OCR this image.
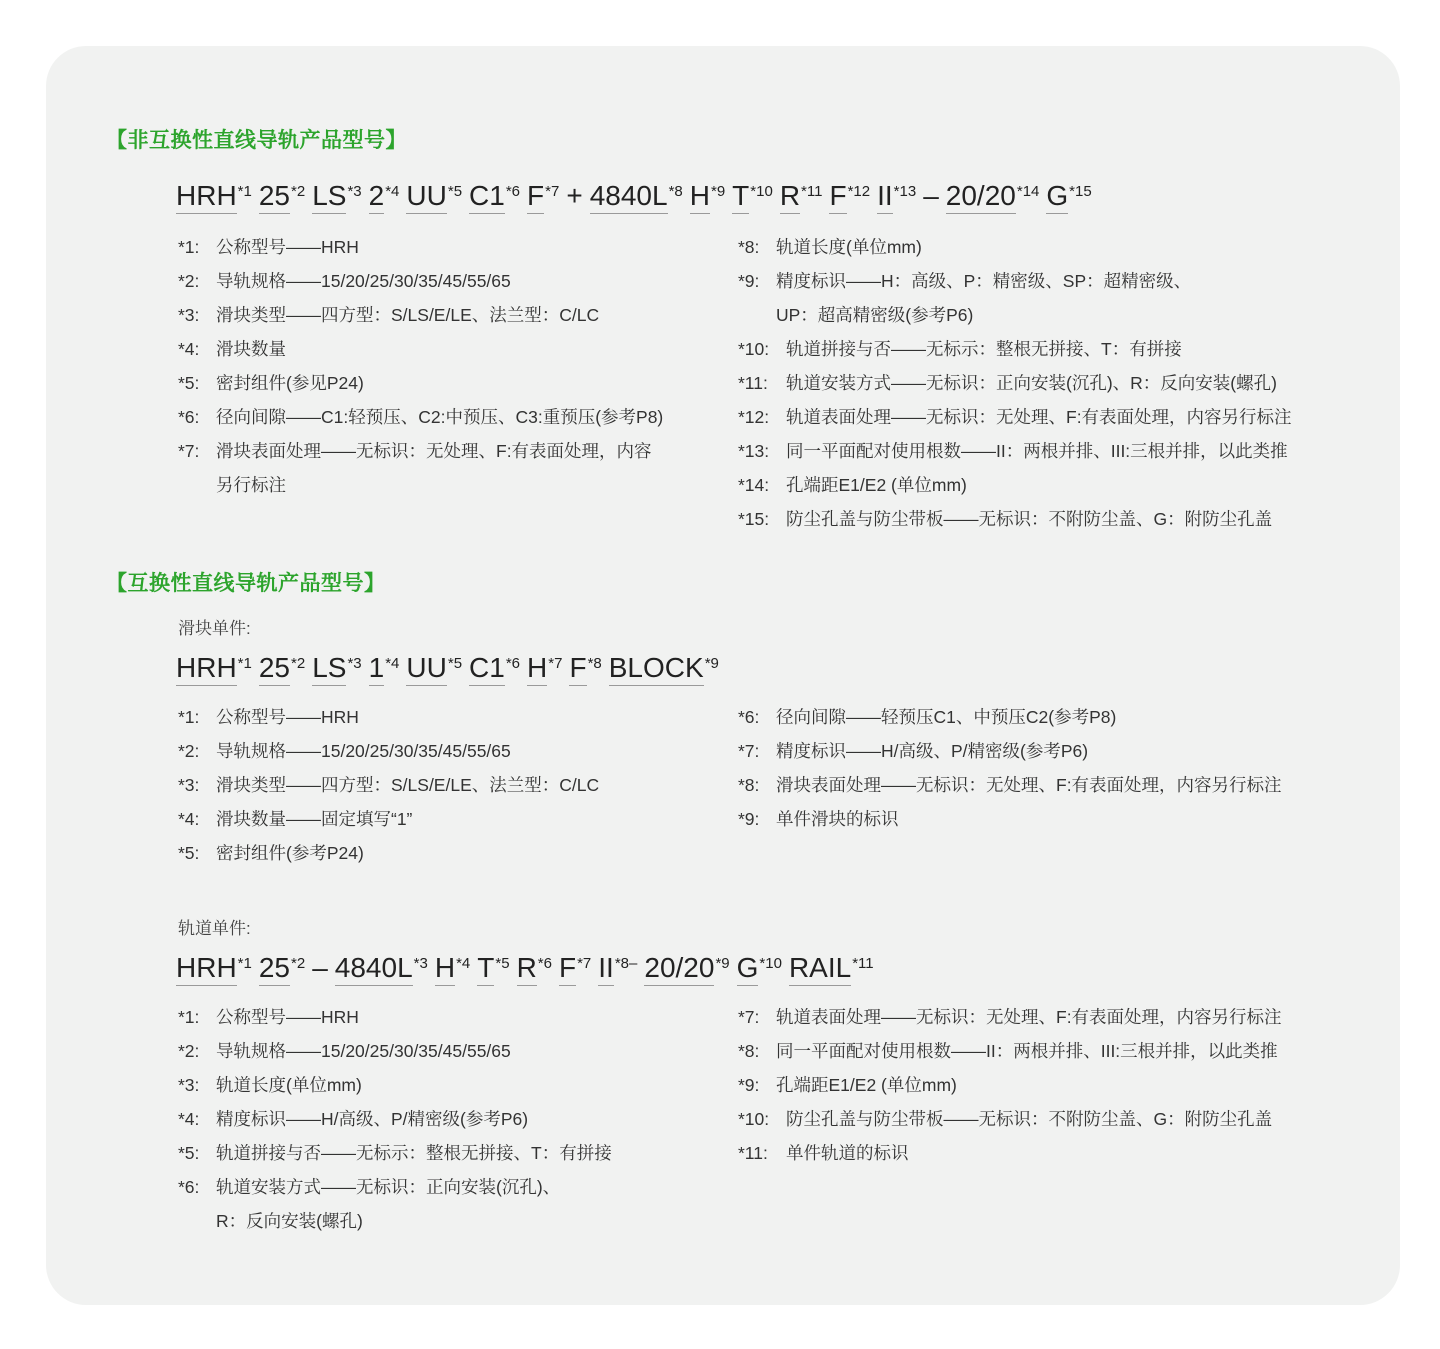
【非互换性直线导轨产品型号】
HRH$^{*1}$ 25$^{*2}$ LS$^{*3}$ 2$^{*4}$ UU$^{*5}$ C1$^{*6}$ $F^{*7} + 4840L^{*8}$ $H^{*9}$ $T^{*10}$ $R^{*11}$ $F^{*12}$ II$^{*13}$ – 20/20$^{*14}$ $G^{*15}$
*1: 公称型号——HRH
*2: 导轨规格——15/20/25/30/35/45/55/65
*3: 滑块类型——四方型：S/LS/E/LE、法兰型：C/LC
*4: 滑块数量
*5: 密封组件(参见P24)
*6: 径向间隙——C1:轻预压、C2:中预压、C3:重预压(参考P8)
*7: 滑块表面处理——无标识：无处理、F:有表面处理，内容
另行标注
*8: 轨道长度(单位mm)
*9: 精度标识——H：高级、P：精密级、SP：超精密级、
UP：超高精密级(参考P6)
*10: 轨道拼接与否——无标示：整根无拼接、T：有拼接
*11:	轨道安装方式——无标识：正向安装(沉孔)、R：反向安装(螺孔)
*12: 轨道表面处理——无标识：无处理、F:有表面处理，内容另行标注
*13: 同一平面配对使用根数——II：两根并排、III:三根并排，以此类推
*14: 孔端距E1/E2 (单位mm)
*15: 防尘孔盖与防尘带板——无标识：不附防尘盖、G：附防尘孔盖
【互换性直线导轨产品型号】
滑块单件:
HRH$^{*1}$ 25$^{*2}$ LS$^{*3}$ 1$^{*4}$ UU$^{*5}$ C1$^{*6}$ $H^{*7}$ $F^{*8}$ BLOCK$^{*9}$
*1: 公称型号——HRH
*2: 导轨规格——15/20/25/30/35/45/55/65
*3: 滑块类型——四方型：S/LS/E/LE、法兰型：C/LC
*4: 滑块数量——固定填写“1”
*5: 密封组件(参考P24)
*6: 径向间隙——轻预压C1、中预压C2(参考P8)
*7: 精度标识——H/高级、P/精密级(参考P6)
*8: 滑块表面处理——无标识：无处理、F:有表面处理，内容另行标注
*9: 单件滑块的标识
轨道单件:
HRH$^{*1}$ $25^{*2} - 4840L^{*3}$ $H^{*4}$ $T^{*5}$ $R^{*6}$ $F^{*7}$ $II^{*8-}$ 20/20$^{*9}$ $G^{*10}$ RAIL$^{*11}$
*1: 公称型号——HRH
*2: 导轨规格——15/20/25/30/35/45/55/65
*3: 轨道长度(单位mm)
*4: 精度标识——H/高级、P/精密级(参考P6)
*5: 轨道拼接与否——无标示：整根无拼接、T：有拼接
*6: 轨道安装方式——无标识：正向安装(沉孔)、
R：反向安装(螺孔)
*7: 轨道表面处理——无标识：无处理、F:有表面处理，内容另行标注
*8: 同一平面配对使用根数——II：两根并排、III:三根并排，以此类推
*9: 孔端距E1/E2 (单位mm)
*10: 防尘孔盖与防尘带板——无标识：不附防尘盖、G：附防尘孔盖
*11:	单件轨道的标识
